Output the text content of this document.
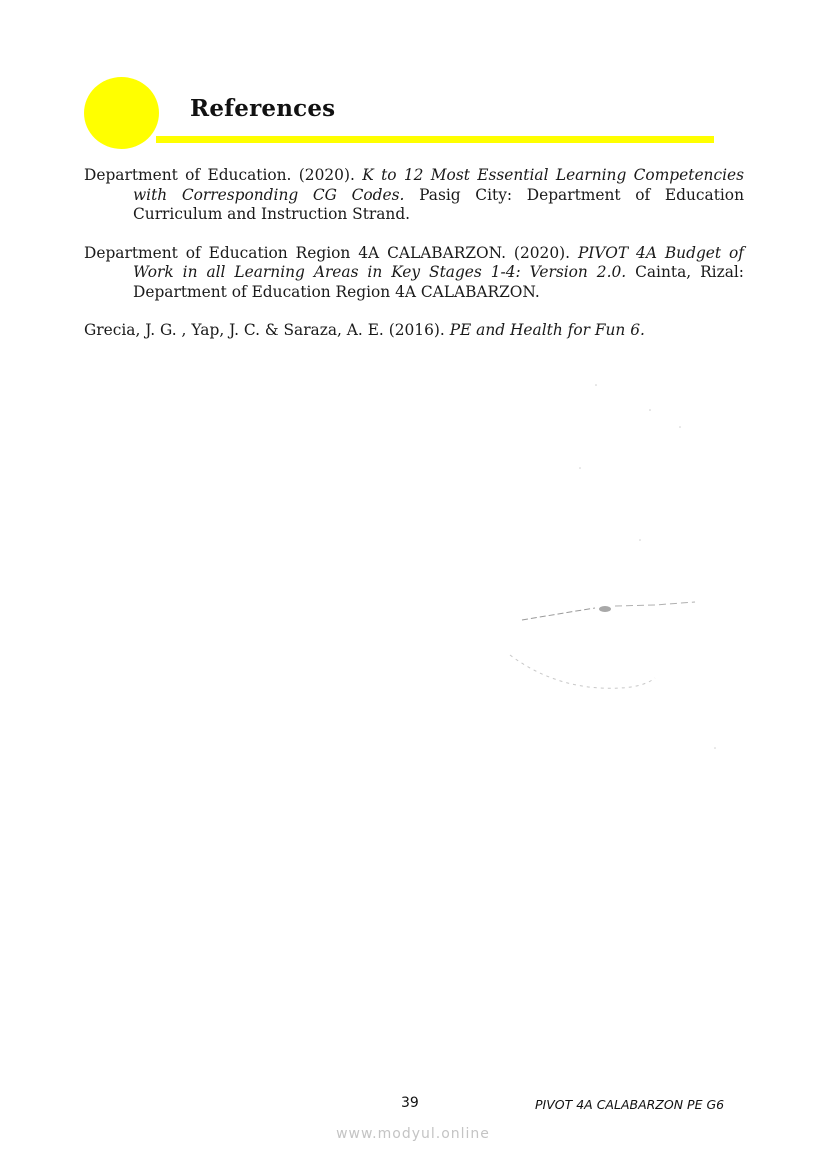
References
Department of Education. (2020). K to 12 Most Essential Learning Competencies with Corresponding CG Codes. Pasig City: Department of Education Curriculum and Instruction Strand.
Department of Education Region 4A CALABARZON. (2020). PIVOT 4A Budget of Work in all Learning Areas in Key Stages 1-4: Version 2.0. Cainta, Rizal: Department of Education Region 4A CALABARZON.
Grecia, J. G. , Yap, J. C. & Saraza, A. E. (2016). PE and Health for Fun 6.
39	PIVOT 4A CALABARZON PE G6
www.modyul.online
